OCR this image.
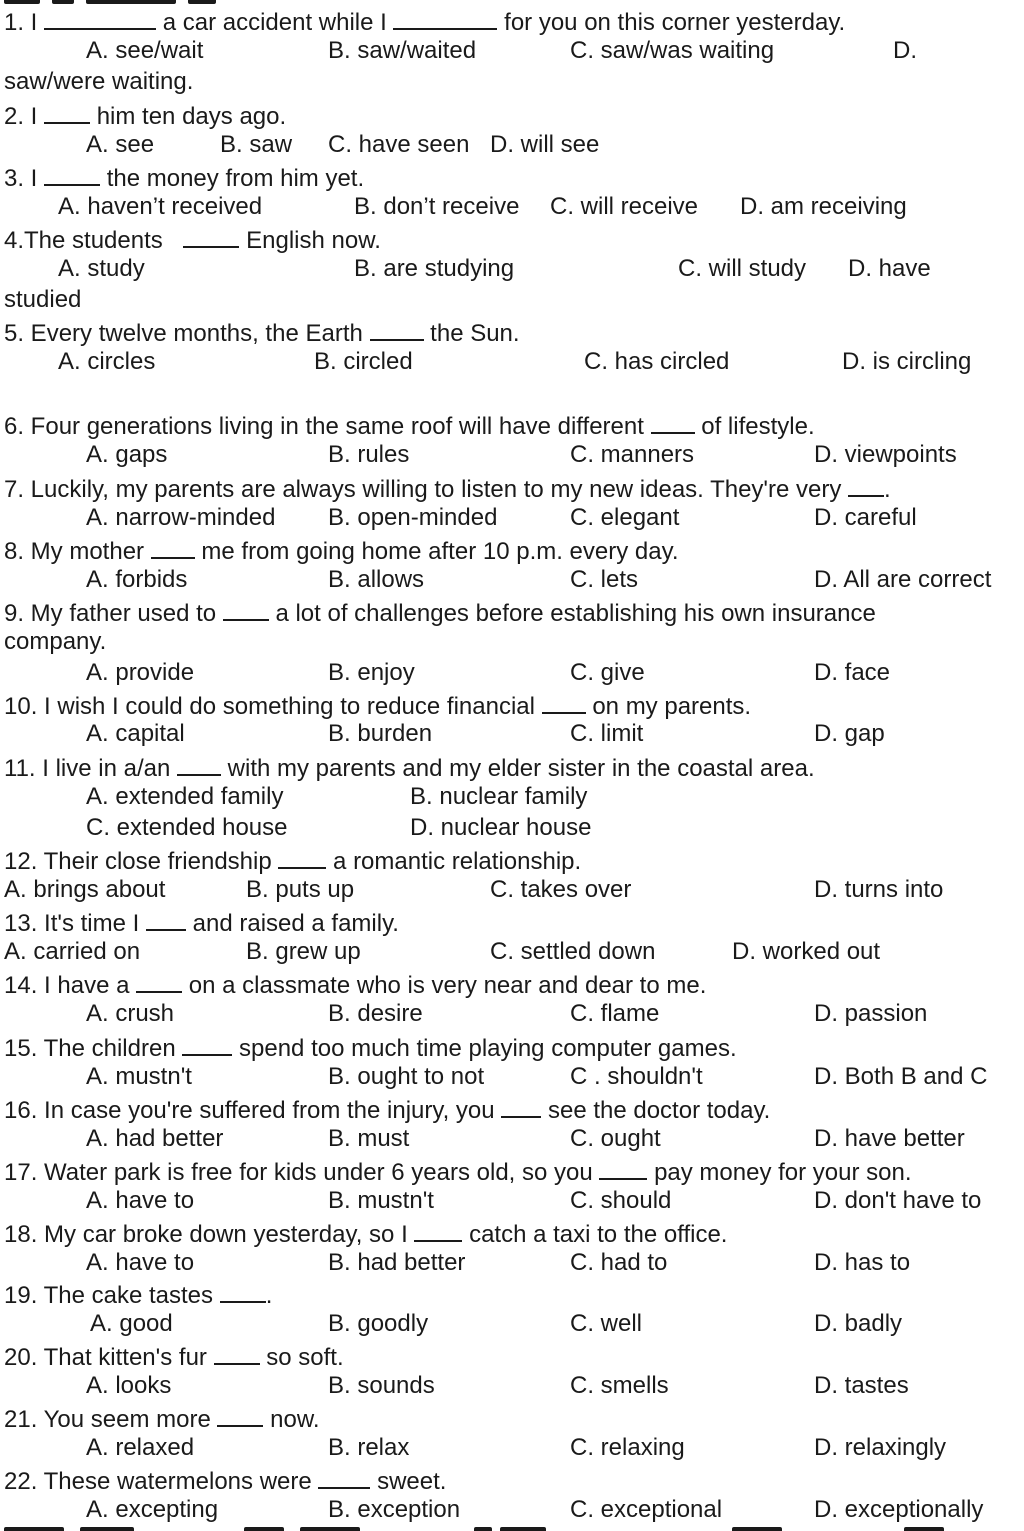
1. I	a car accident while I	for you on this corner yesterday.
A. see/wait	B. saw/waited	C. saw/was waiting	D.
saw/were waiting.
2. I him ten days ago.
A. see	B. saw C. have seen D. will see
3. I	the money from him yet.
A. haven’t received	B. don’t receive C. will receive D. am receiving
4.The students	English now.
A. study	B. are studying	C. will study D. have
studied
5. Every twelve months, the Earth	the Sun.
A. circles	B. circled	C. has circled	D. is circling
6. Four generations living in the same roof will have different of lifestyle.
A. gaps	B. rules	C. manners	D. viewpoints
7. Luckily, my parents are always willing to listen to my new ideas. They're very .
A. narrow-minded B. open-minded	C. elegant	D. careful
8. My mother me from going home after 10 p.m. every day.
A. forbids	B. allows	C. lets	D. All are correct
9. My father used to a lot of challenges before establishing his own insurance
company.
A. provide	B. enjoy	C. give	D. face
10. I wish I could do something to reduce financial on my parents.
A. capital	B. burden	C. limit	D. gap
11. I live in a/an with my parents and my elder sister in the coastal area.
A. extended family	B. nuclear family
C. extended house	D. nuclear house
12. Their close friendship	a romantic relationship.
A. brings about	B. puts up	C. takes over	D. turns into
13. It's time I and raised a family.
A. carried on	B. grew up	C. settled down	D. worked out
14. I have a on a classmate who is very near and dear to me.
A. crush	B. desire	C. flame	D. passion
15. The children	spend too much time playing computer games.
A. mustn't	B. ought to not	C . shouldn't	D. Both B and C
16. In case you're suffered from the injury, you see the doctor today.
A. had better	B. must	C. ought	D. have better
17. Water park is free for kids under 6 years old, so you	pay money for your son.
A. have to	B. mustn't	C. should	D. don't have to
18. My car broke down yesterday, so I	catch a taxi to the office.
A. have to	B. had better	C. had to	D. has to
19. The cake tastes .
A. good	B. goodly	C. well	D. badly
20. That kitten's fur so soft.
A. looks	B. sounds	C. smells	D. tastes
21. You seem more now.
A. relaxed	B. relax	C. relaxing	D. relaxingly
22. These watermelons were	sweet.
A. excepting	B. exception	C. exceptional	D. exceptionally
